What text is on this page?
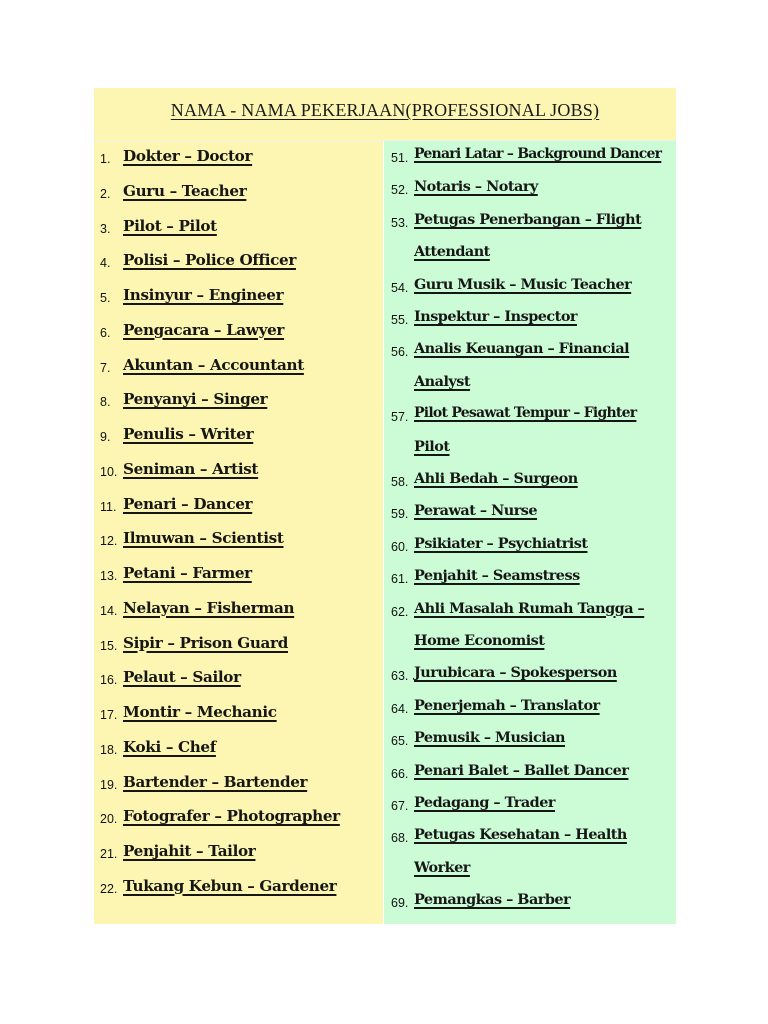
NAMA - NAMA PEKERJAAN(PROFESSIONAL JOBS)
1. Dokter – Doctor
2. Guru – Teacher
3. Pilot – Pilot
4. Polisi – Police Officer
5. Insinyur – Engineer
6. Pengacara – Lawyer
7. Akuntan – Accountant
8. Penyanyi – Singer
9. Penulis – Writer
10. Seniman – Artist
11. Penari – Dancer
12. Ilmuwan – Scientist
13. Petani – Farmer
14. Nelayan – Fisherman
15. Sipir – Prison Guard
16. Pelaut – Sailor
17. Montir – Mechanic
18. Koki – Chef
19. Bartender – Bartender
20. Fotografer – Photographer
21. Penjahit – Tailor
22. Tukang Kebun – Gardener
51. Penari Latar – Background Dancer
52. Notaris – Notary
53. Petugas Penerbangan – Flight
Attendant
54. Guru Musik – Music Teacher
55. Inspektur – Inspector
56. Analis Keuangan – Financial
Analyst
57. Pilot Pesawat Tempur – Fighter
Pilot
58. Ahli Bedah – Surgeon
59. Perawat – Nurse
60. Psikiater – Psychiatrist
61. Penjahit – Seamstress
62. Ahli Masalah Rumah Tangga –
Home Economist
63. Jurubicara – Spokesperson
64. Penerjemah – Translator
65. Pemusik – Musician
66. Penari Balet – Ballet Dancer
67. Pedagang – Trader
68. Petugas Kesehatan – Health
Worker
69. Pemangkas – Barber
